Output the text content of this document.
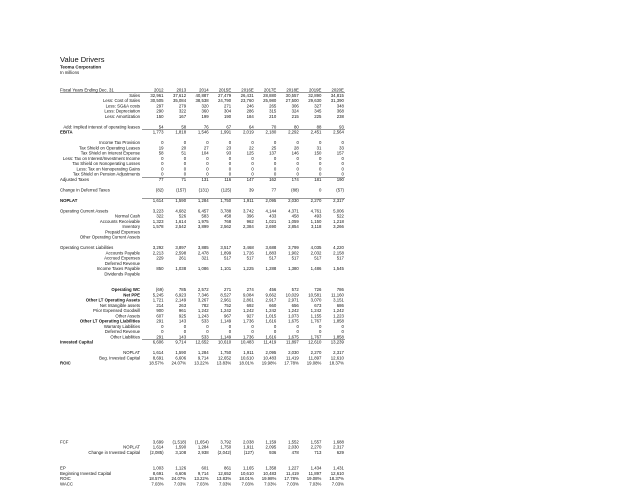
Value Drivers
Teoma Corporation
In millions
Fiscal Years Ending Dec. 31	2012	2013	2014	2015E	2016E	2017E	2018E	2019E	2020E
Sales	32,961	37,612	40,887	27,479	26,431	28,880	30,557	32,890	34,815
Less: Cost of Sales	30,505	35,084	38,538	24,790	23,760	25,980	27,500	29,630	31,390
Less: SG&A costs	297	279	320	271	246	265	306	327	348
Less: Depreciation	290	322	360	304	286	315	324	345	368
Less: Amortization	150	167	199	190	184	210	215	225	238
Add: Implied interest of operating leases	54	58	76	67	64	70	80	88	93
EBITA	1,773	1,818	1,546	1,991	2,019	2,180	2,292	2,451	2,564
Income Tax Provision	0	0	0	0	0	0	0	0	0
Tax Shield on Operating Leases	19	20	27	23	22	25	28	31	33
Tax Shield on Interest Expense	58	51	104	93	125	137	146	150	157
Less: Tax on Interest/Investment Income	0	0	0	0	0	0	0	0	0
Tax Shield on Nonoperating Losses	0	0	0	0	0	0	0	0	0
Less: Tax on Nonoperating Gains	0	0	0	0	0	0	0	0	0
Tax Shield on Pension Adjustments	0	0	0	0	0	0	0	0	0
Adjusted Taxes	77	71	131	116	147	162	174	181	190
Change in Deferred Taxes	(82)	(157)	(131)	(125)	39	77	(88)	0	(57)
NOPLAT	1,614	1,590	1,284	1,750	1,911	2,095	2,030	2,270	2,317
Operating Current Assets	3,223	4,682	6,457	3,788	3,742	4,144	4,371	4,761	5,006
Normal Cash	322	526	583	458	396	433	458	493	522
Accounts Receivable	1,323	1,614	1,975	768	962	1,021	1,059	1,150	1,218
Inventory	1,578	2,542	3,899	2,562	2,384	2,690	2,854	3,118	3,266
Prepaid Expenses
Other Operating Current Assets
Operating Current Liabilities	3,292	3,897	3,885	3,517	3,468	3,688	3,799	4,035	4,220
Accounts Payable	2,213	2,598	2,478	1,899	1,726	1,883	1,902	2,032	2,158
Accrued Expenses	229	261	321	517	517	517	517	517	517
Deferred Revenue
Income Taxes Payable	850	1,038	1,086	1,101	1,225	1,288	1,380	1,486	1,545
Dividends Payable
Operating WC	(69)	785	2,572	271	274	456	572	726	786
Net PPE	5,245	6,923	7,346	8,527	9,084	9,662	10,029	10,581	11,160
Other LT Operating Assets	1,721	2,149	3,267	2,961	2,861	2,917	2,971	3,070	3,151
Net Intangible assets	214	263	782	752	692	660	656	673	686
Prior Expensed Goodwill	900	961	1,242	1,242	1,242	1,242	1,242	1,242	1,242
Other Assets	607	925	1,243	967	927	1,015	1,073	1,155	1,223
Other LT Operating Liabilities	291	143	533	1,149	1,736	1,616	1,675	1,767	1,858
Warranty Liabilities	0	0	0	0	0	0	0	0	0
Deferred Revenue	0	0	0	0	0	0	0	0	0
Other Liabilities	291	143	533	1,149	1,736	1,616	1,675	1,767	1,858
Invested Capital	6,606	9,714	12,652	10,610	10,483	11,419	11,897	12,610	13,239
NOPLAT	1,614	1,590	1,284	1,750	1,911	2,095	2,030	2,270	2,317
Beg. Invested Capital	8,691	6,606	9,714	12,652	10,610	10,483	11,419	11,897	12,610
ROIC	18.57% 24.07% 13.22% 13.83% 18.01% 19.98% 17.78% 19.08% 18.37%
FCF	3,699	(1,518)	(1,654)	3,792	2,038	1,159	1,552	1,557	1,688
NOPLAT	1,614	1,590	1,284	1,750	1,911	2,095	2,030	2,270	2,317
Change in Invested Capital	(2,085)	3,108	2,938	(2,042)	(127)	936	478	713	629
EP	1,003	1,126	601	861	1,165	1,358	1,227	1,434	1,431
Beginning Invested Capital	8,691	6,606	9,714	12,652	10,610	10,483	11,419	11,897	12,610
ROIC	18.57% 24.07% 13.22% 13.83% 18.01% 19.98% 17.78% 19.08% 18.37%
WACC	7.03%	7.03%	7.03%	7.03%	7.03%	7.03%	7.03%	7.03%	7.03%
